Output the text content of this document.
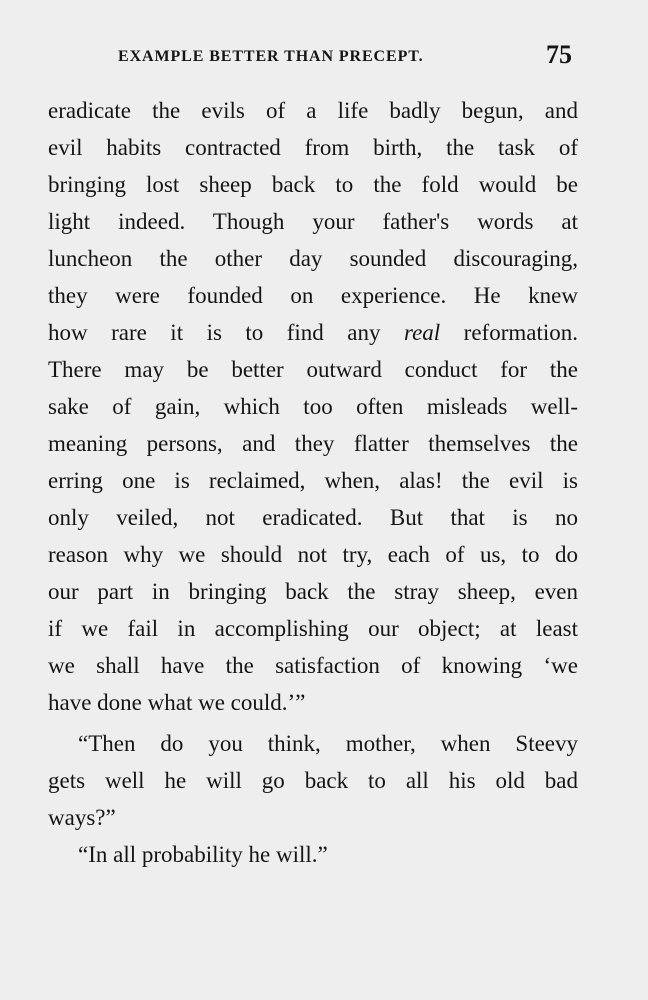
EXAMPLE BETTER THAN PRECEPT.	75
eradicate the evils of a life badly begun, and
evil habits contracted from birth, the task of
bringing lost sheep back to the fold would be
light indeed. Though your father's words at
luncheon the other day sounded discouraging,
they were founded on experience. He knew
how rare it is to find any real reformation.
There may be better outward conduct for the
sake of gain, which too often misleads well-
meaning persons, and they flatter themselves the
erring one is reclaimed, when, alas! the evil is
only veiled, not eradicated. But that is no
reason why we should not try, each of us, to do
our part in bringing back the stray sheep, even
if we fail in accomplishing our object; at least
we shall have the satisfaction of knowing ‘we
have done what we could.’”
“Then do you think, mother, when Steevy
gets well he will go back to all his old bad
ways?”
“In all probability he will.”
